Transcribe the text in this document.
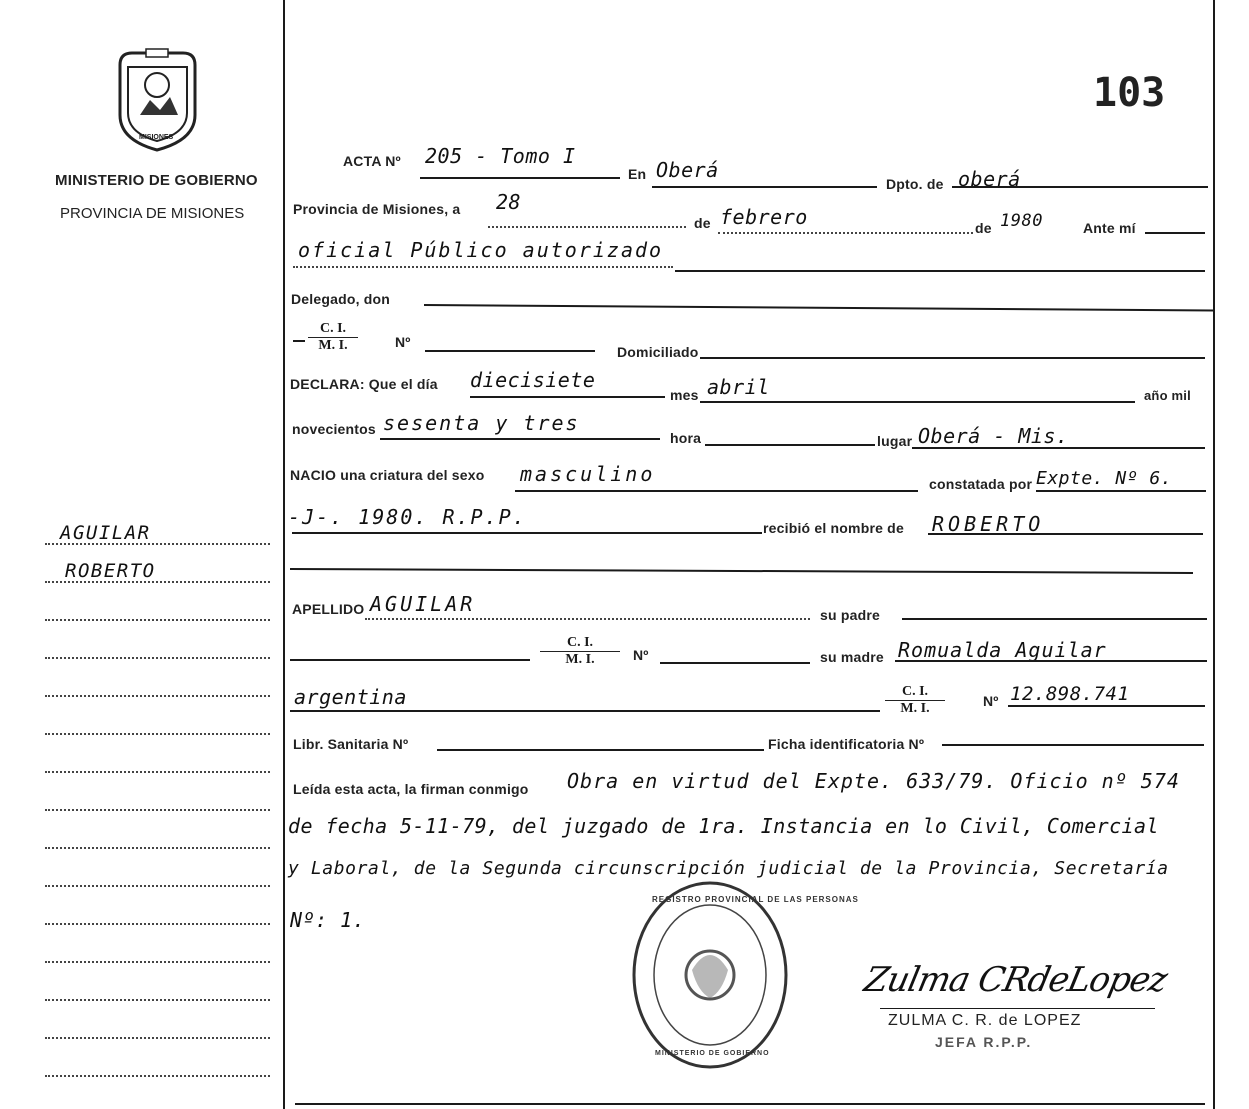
MISIONES
MINISTERIO DE GOBIERNO
PROVINCIA DE MISIONES
103
AGUILAR
ROBERTO
ACTA Nº 205 - Tomo I
En Oberá
Dpto. de oberá
Provincia de Misiones, a 28
de febrero	de 1980	Ante mí
oficial Público autorizado
Delegado, don
$\frac{C. I.}{M. I.}$	Nº
Domiciliado
DECLARA: Que el día diecisiete
mes abril	año mil
novecientos sesenta y tres
hora	lugar Oberá - Mis.
NACIO una criatura del sexo masculino	constatada por Expte. Nº 6.
-J-. 1980. R.P.P.	recibió el nombre de ROBERTO
APELLIDO AGUILAR	su padre
$\frac{C. I.}{M. I.}$ Nº	su madre Romualda Aguilar
argentina	$\frac{C. I.}{M. I.}$	Nº 12.898.741
Libr. Sanitaria Nº	Ficha identificatoria Nº
Leída esta acta, la firman conmigo Obra en virtud del Expte. 633/79. Oficio nº 574
de fecha 5-11-79, del juzgado de 1ra. Instancia en lo Civil, Comercial
y Laboral, de la Segunda circunscripción judicial de la Provincia, Secretaría
Nº: 1.
REGISTRO PROVINCIAL DE LAS PERSONAS
MINISTERIO DE GOBIERNO
Zulma CRdeLopez
ZULMA C. R. de LOPEZ
JEFA R.P.P.
